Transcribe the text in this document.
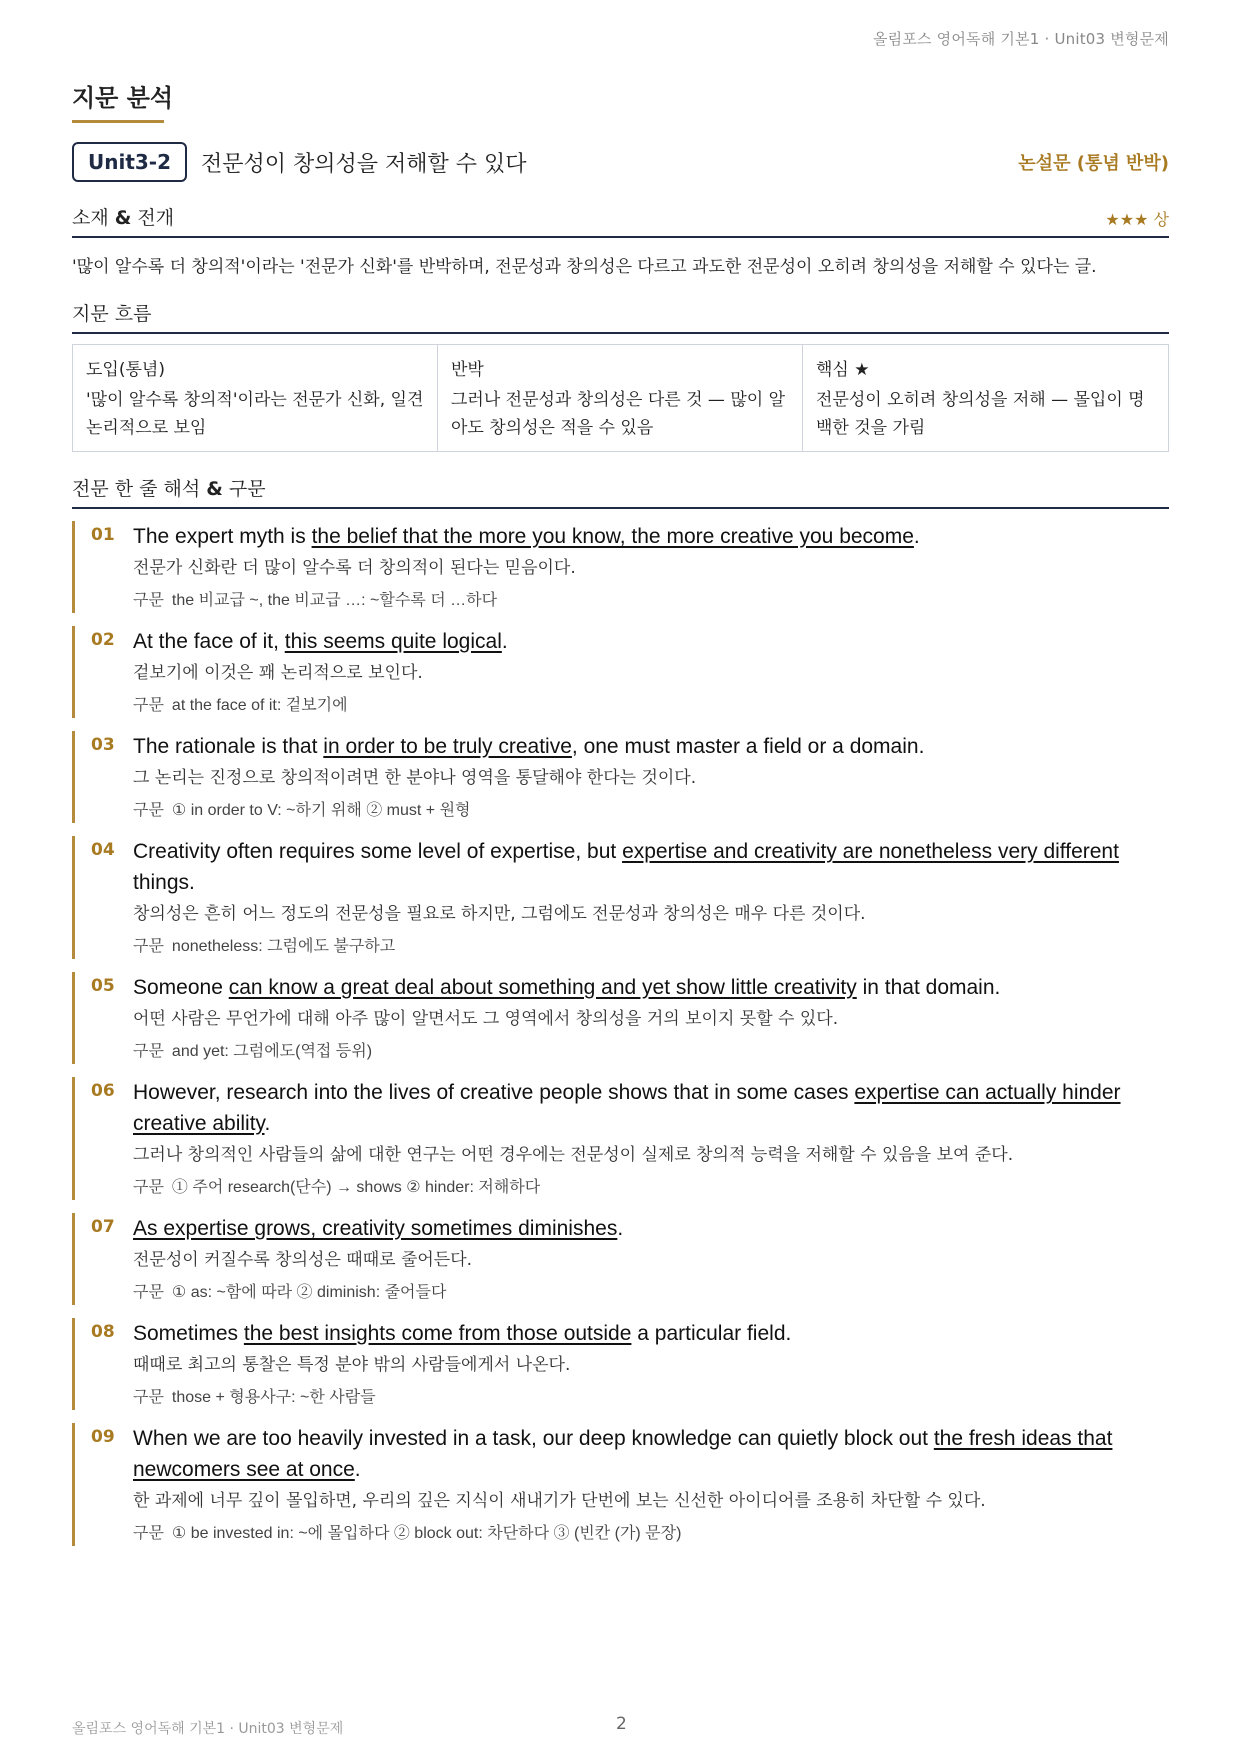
올림포스 영어독해 기본1 · Unit03 변형문제
지문 분석
Unit3-2	전문성이 창의성을 저해할 수 있다	논설문 (통념 반박)
소재 & 전개	★★★ 상
'많이 알수록 더 창의적'이라는 '전문가 신화'를 반박하며, 전문성과 창의성은 다르고 과도한 전문성이 오히려 창의성을 저해할 수 있다는 글.
지문 흐름
도입(통념)
'많이 알수록 창의적'이라는 전문가 신화, 일견 논리적으로 보임
반박
그러나 전문성과 창의성은 다른 것 — 많이 알아도 창의성은 적을 수 있음
핵심 ★
전문성이 오히려 창의성을 저해 — 몰입이 명백한 것을 가림
전문 한 줄 해석 & 구문
01 The expert myth is the belief that the more you know, the more creative you become.
전문가 신화란 더 많이 알수록 더 창의적이 된다는 믿음이다.
구문 the 비교급 ~, the 비교급 …: ~할수록 더 …하다
02 At the face of it, this seems quite logical.
겉보기에 이것은 꽤 논리적으로 보인다.
구문 at the face of it: 겉보기에
03 The rationale is that in order to be truly creative, one must master a field or a domain.
그 논리는 진정으로 창의적이려면 한 분야나 영역을 통달해야 한다는 것이다.
구문 ① in order to V: ~하기 위해 ② must + 원형
04 Creativity often requires some level of expertise, but expertise and creativity are nonetheless very different things.
창의성은 흔히 어느 정도의 전문성을 필요로 하지만, 그럼에도 전문성과 창의성은 매우 다른 것이다.
구문 nonetheless: 그럼에도 불구하고
05 Someone can know a great deal about something and yet show little creativity in that domain.
어떤 사람은 무언가에 대해 아주 많이 알면서도 그 영역에서 창의성을 거의 보이지 못할 수 있다.
구문 and yet: 그럼에도(역접 등위)
06 However, research into the lives of creative people shows that in some cases expertise can actually hinder creative ability.
그러나 창의적인 사람들의 삶에 대한 연구는 어떤 경우에는 전문성이 실제로 창의적 능력을 저해할 수 있음을 보여 준다.
구문 ① 주어 research(단수) → shows ② hinder: 저해하다
07 As expertise grows, creativity sometimes diminishes.
전문성이 커질수록 창의성은 때때로 줄어든다.
구문 ① as: ~함에 따라 ② diminish: 줄어들다
08 Sometimes the best insights come from those outside a particular field.
때때로 최고의 통찰은 특정 분야 밖의 사람들에게서 나온다.
구문 those + 형용사구: ~한 사람들
09 When we are too heavily invested in a task, our deep knowledge can quietly block out the fresh ideas that newcomers see at once.
한 과제에 너무 깊이 몰입하면, 우리의 깊은 지식이 새내기가 단번에 보는 신선한 아이디어를 조용히 차단할 수 있다.
구문 ① be invested in: ~에 몰입하다 ② block out: 차단하다 ③ (빈칸 (가) 문장)
올림포스 영어독해 기본1 · Unit03 변형문제	2
